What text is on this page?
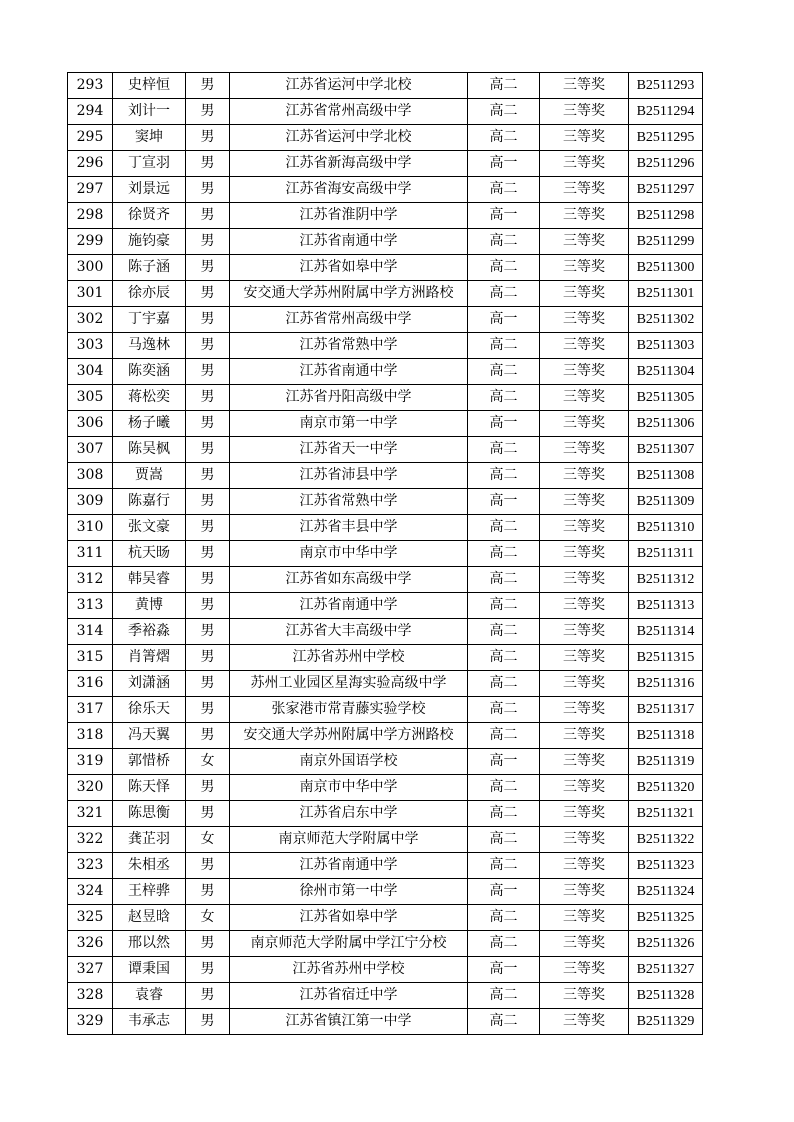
293	史梓恒	男	江苏省运河中学北校	高二	三等奖	B2511293
294	刘计一	男	江苏省常州高级中学	高二	三等奖	B2511294
295	窦坤	男	江苏省运河中学北校	高二	三等奖	B2511295
296	丁宣羽	男	江苏省新海高级中学	高一	三等奖	B2511296
297	刘景远	男	江苏省海安高级中学	高二	三等奖	B2511297
298	徐贤齐	男	江苏省淮阴中学	高一	三等奖	B2511298
299	施钧豪	男	江苏省南通中学	高二	三等奖	B2511299
300	陈子涵	男	江苏省如皋中学	高二	三等奖	B2511300
301	徐亦辰	男	安交通大学苏州附属中学方洲路校	高二	三等奖	B2511301
302	丁宇嘉	男	江苏省常州高级中学	高一	三等奖	B2511302
303	马逸林	男	江苏省常熟中学	高二	三等奖	B2511303
304	陈奕涵	男	江苏省南通中学	高二	三等奖	B2511304
305	蒋松奕	男	江苏省丹阳高级中学	高二	三等奖	B2511305
306	杨子曦	男	南京市第一中学	高一	三等奖	B2511306
307	陈吴枫	男	江苏省天一中学	高二	三等奖	B2511307
308	贾嵩	男	江苏省沛县中学	高二	三等奖	B2511308
309	陈嘉行	男	江苏省常熟中学	高一	三等奖	B2511309
310	张文豪	男	江苏省丰县中学	高二	三等奖	B2511310
311	杭天旸	男	南京市中华中学	高二	三等奖	B2511311
312	韩吴睿	男	江苏省如东高级中学	高二	三等奖	B2511312
313	黄博	男	江苏省南通中学	高二	三等奖	B2511313
314	季裕淼	男	江苏省大丰高级中学	高二	三等奖	B2511314
315	肖箐熠	男	江苏省苏州中学校	高二	三等奖	B2511315
316	刘潇涵	男	苏州工业园区星海实验高级中学	高二	三等奖	B2511316
317	徐乐天	男	张家港市常青藤实验学校	高二	三等奖	B2511317
318	冯天翼	男	安交通大学苏州附属中学方洲路校	高二	三等奖	B2511318
319	郭惜桥	女	南京外国语学校	高一	三等奖	B2511319
320	陈天怿	男	南京市中华中学	高二	三等奖	B2511320
321	陈思衡	男	江苏省启东中学	高二	三等奖	B2511321
322	龚芷羽	女	南京师范大学附属中学	高二	三等奖	B2511322
323	朱相丞	男	江苏省南通中学	高二	三等奖	B2511323
324	王梓骅	男	徐州市第一中学	高一	三等奖	B2511324
325	赵昱晗	女	江苏省如皋中学	高二	三等奖	B2511325
326	邢以然	男	南京师范大学附属中学江宁分校	高二	三等奖	B2511326
327	谭秉国	男	江苏省苏州中学校	高一	三等奖	B2511327
328	袁睿	男	江苏省宿迁中学	高二	三等奖	B2511328
329	韦承志	男	江苏省镇江第一中学	高二	三等奖	B2511329
